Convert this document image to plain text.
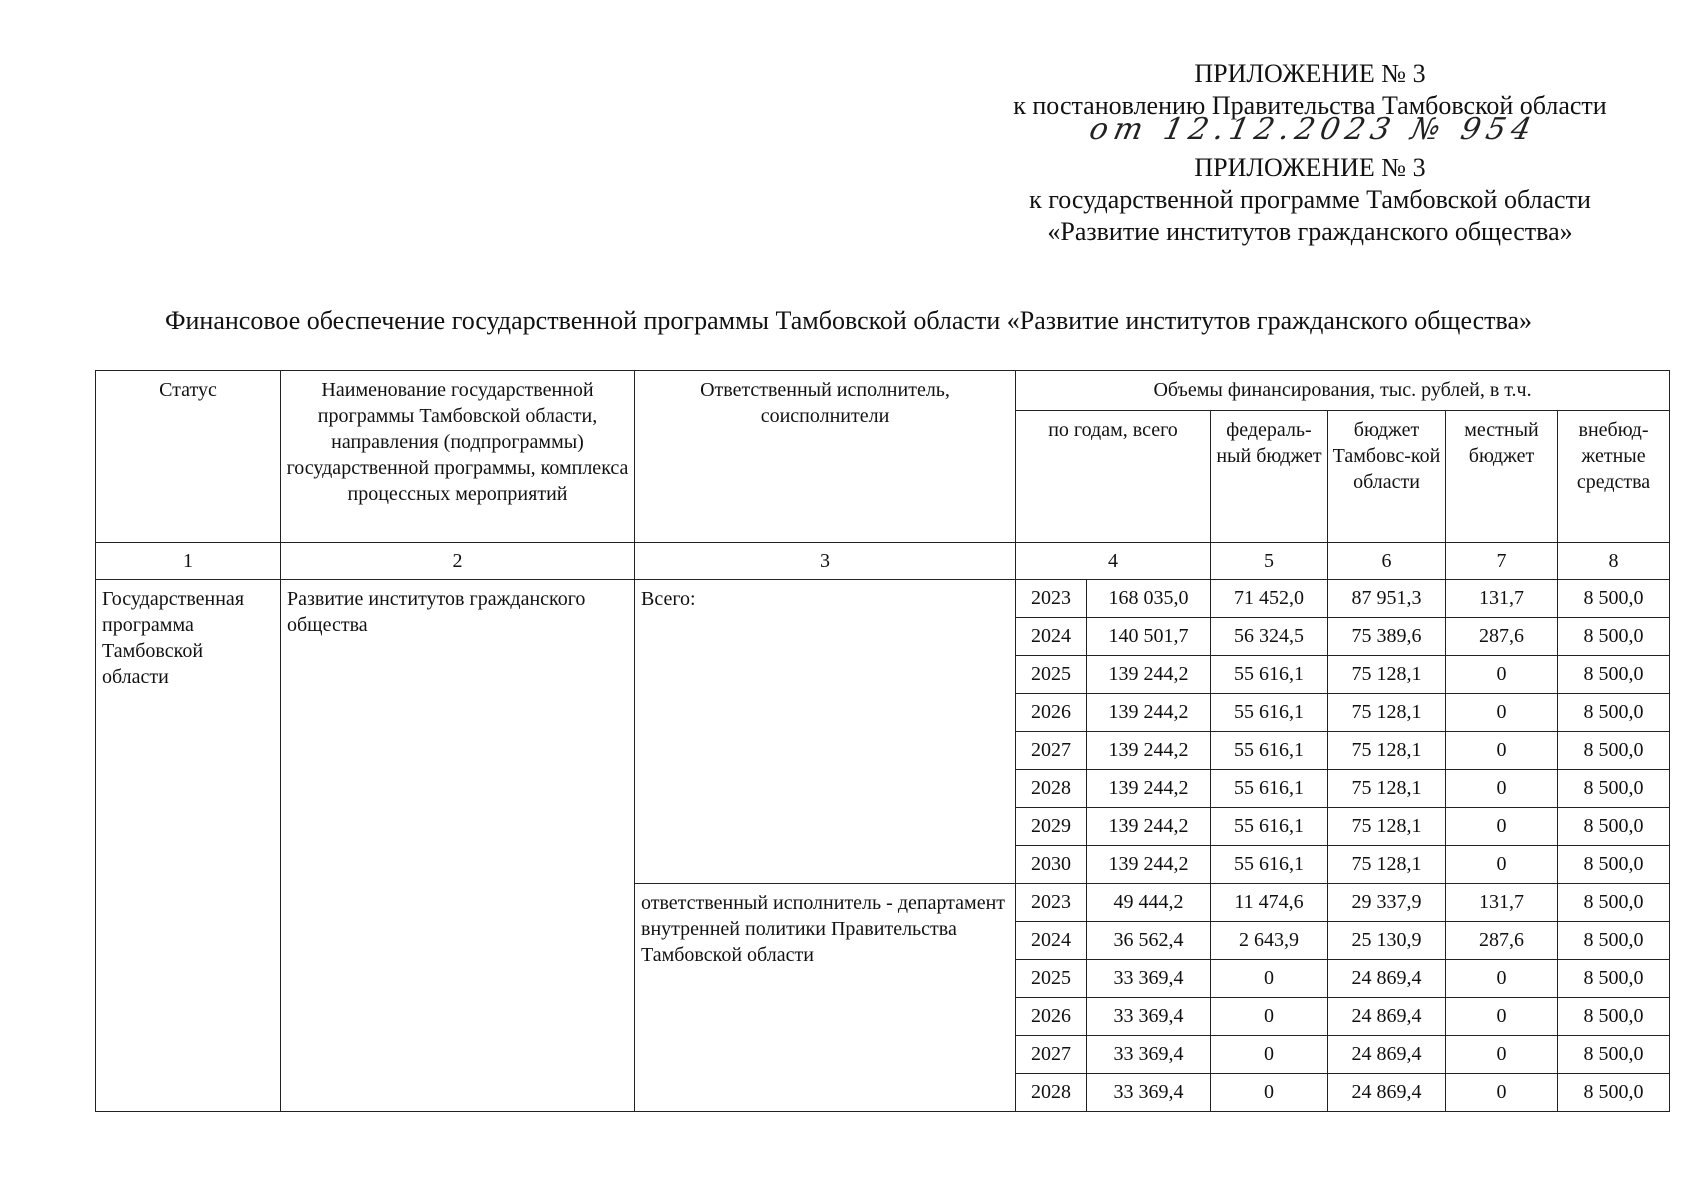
ПРИЛОЖЕНИЕ № 3
к постановлению Правительства Тамбовской области
от 12.12.2023 № 954
ПРИЛОЖЕНИЕ № 3
к государственной программе Тамбовской области
«Развитие институтов гражданского общества»
Финансовое обеспечение государственной программы Тамбовской области «Развитие институтов гражданского общества»
Статус	Наименование государственной программы Тамбовской области, направления (подпрограммы) государственной программы, комплекса процессных мероприятий	Ответственный исполнитель, соисполнители	Объемы финансирования, тыс. рублей, в т.ч.					
			по годам, всего		федераль-ный бюджет	бюджет Тамбовс-кой области	местный бюджет	внебюд-жетные средства
1	2	3	4		5	6	7	8
Государственная программа Тамбовской области	Развитие институтов гражданского общества	Всего:	2023	168 035,0	71 452,0	87 951,3	131,7	8 500,0
			2024	140 501,7	56 324,5	75 389,6	287,6	8 500,0
			2025	139 244,2	55 616,1	75 128,1	0	8 500,0
			2026	139 244,2	55 616,1	75 128,1	0	8 500,0
			2027	139 244,2	55 616,1	75 128,1	0	8 500,0
			2028	139 244,2	55 616,1	75 128,1	0	8 500,0
			2029	139 244,2	55 616,1	75 128,1	0	8 500,0
			2030	139 244,2	55 616,1	75 128,1	0	8 500,0
		ответственный исполнитель - департамент внутренней политики Правительства Тамбовской области	2023	49 444,2	11 474,6	29 337,9	131,7	8 500,0
			2024	36 562,4	2 643,9	25 130,9	287,6	8 500,0
			2025	33 369,4	0	24 869,4	0	8 500,0
			2026	33 369,4	0	24 869,4	0	8 500,0
			2027	33 369,4	0	24 869,4	0	8 500,0
			2028	33 369,4	0	24 869,4	0	8 500,0
